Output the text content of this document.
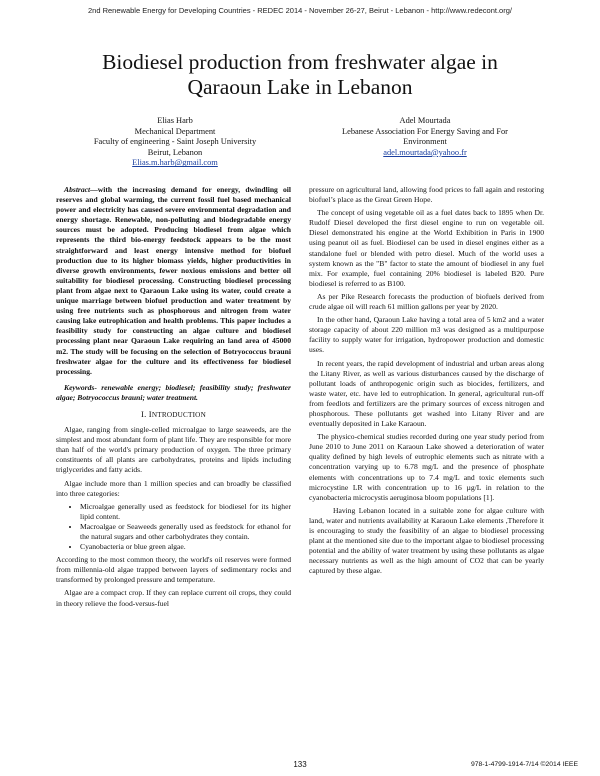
2nd Renewable Energy for Developing Countries - REDEC 2014 - November 26-27, Beirut - Lebanon - http://www.redecont.org/
Biodiesel production from freshwater algae in
Qaraoun Lake in Lebanon
Elias Harb
Mechanical Department
Faculty of engineering - Saint Joseph University
Beirut, Lebanon
Elias.m.harb@gmail.com
Adel Mourtada
Lebanese Association For Energy Saving and For
Environment
adel.mourtada@yahoo.fr

Abstract—with the increasing demand for energy, dwindling oil reserves and global warming, the current fossil fuel based mechanical power and electricity has caused severe environmental degradation and energy shortage. Renewable, non-polluting and biodegradable energy sources must be adopted. Producing biodiesel from algae which represents the third bio-energy feedstock appears to be the most straightforward and least energy intensive method for biofuel production due to its higher biomass yields, higher productivities in diverse growth environments, fewer noxious emissions and better oil suitability for biodiesel processing. Constructing biodiesel processing plant from algae next to Qaraoun Lake using its water, could create a unique marriage between biofuel production and water treatment by using free nutrients such as phosphorous and nitrogen from water causing lake eutrophication and health problems. This paper includes a feasibility study for constructing an algae culture and biodiesel processing plant near Qaraoun Lake requiring an land area of 45000 m2. The study will be focusing on the selection of Botryococcus brauni freshwater algae for the culture and its effectiveness for biodiesel processing.

Keywords- renewable energy; biodiesel; feasibility study; freshwater algae; Botryococcus brauni; water treatment.

I. INTRODUCTION

Algae, ranging from single-celled microalgae to large seaweeds, are the simplest and most abundant form of plant life. They are responsible for more than half of the world's primary production of oxygen. The three primary constituents of all plants are carbohydrates, proteins and lipids including triglycerides and fatty acids.

Algae include more than 1 million species and can broadly be classified into three categories:

• Microalgae generally used as feedstock for biodiesel for its higher lipid content.
• Macroalgae or Seaweeds generally used as feedstock for ethanol for the natural sugars and other carbohydrates they contain.
• Cyanobacteria or blue green algae.

According to the most common theory, the world's oil reserves were formed from millennia-old algae trapped between layers of sedimentary rocks and transformed by prolonged pressure and temperature.

Algae are a compact crop. If they can replace current oil crops, they could in theory relieve the food-versus-fuel

pressure on agricultural land, allowing food prices to fall again and restoring biofuel’s place as the Great Green Hope.

The concept of using vegetable oil as a fuel dates back to 1895 when Dr. Rudolf Diesel developed the first diesel engine to run on vegetable oil. Diesel demonstrated his engine at the World Exhibition in Paris in 1900 using peanut oil as fuel. Biodiesel can be used in diesel engines either as a standalone fuel or blended with petro diesel. Much of the world uses a system known as the "B" factor to state the amount of biodiesel in any fuel mix. For example, fuel containing 20% biodiesel is labeled B20. Pure biodiesel is referred to as B100.

As per Pike Research forecasts the production of biofuels derived from crude algae oil will reach 61 million gallons per year by 2020.

In the other hand, Qaraoun Lake having a total area of 5 km2 and a water storage capacity of about 220 million m3 was designed as a multipurpose facility to supply water for irrigation, hydropower production and domestic uses.

In recent years, the rapid development of industrial and urban areas along the Litany River, as well as various disturbances caused by the discharge of pollutant loads of anthropogenic origin such as biocides, fertilizers, and waste water, etc. have led to eutrophication. In general, agricultural run-off from feedlots and fertilizers are the primary sources of excess nitrogen and phosphorous. These pollutants get washed into Litany River and are eventually deposited in Lake Karaoun.

The physico-chemical studies recorded during one year study period from June 2010 to June 2011 on Karaoun Lake showed a deterioration of water quality defined by high levels of eutrophic elements such as nitrate with a concentration varying up to 6.78 mg/L and the presence of phosphate elements with concentrations up to 7.4 mg/L and toxic elements such microcystine LR with concentration up to 16 µg/L in relation to the cyanobacteria microcystis aeruginosa bloom populations [1].

Having Lebanon located in a suitable zone for algae culture with land, water and nutrients availability at Karaoun Lake elements ,Therefore it is encouraging to study the feasibility of an algae to biodiesel processing plant at the mentioned site due to the important algae to biodiesel processing potential and the ability of water treatment by using these pollutants as algae necessary nutrients as well as the high amount of CO2 that can be yearly captured by these algae.

133	978-1-4799-1914-7/14 ©2014 IEEE
